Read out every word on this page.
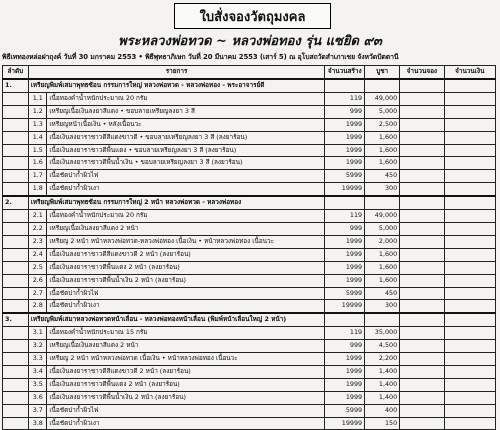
ใบสั่งจองวัตถุมงคล
พระหลวงพ่อทวด ~ หลวงพ่อทอง รุ่น แซยิด ๙๓
พิธีเททองหล่อฝาถุงค์ วันที่ 30 มกราคม 2553 • พิธีพุทธาภิเษก วันที่ 20 มีนาคม 2553 (เสาร์ 5) ณ อุโบสถวัดสำเภาเชย จังหวัดปัตตานี
ลำดับ	รายการ		จำนวนสร้าง	บูชา	จำนวนจอง	จำนวนเงิน
1.	เหรียญพิมพ์เสมาพุทธซ้อน กรรมการใหญ่ หลวงพ่อทวด - หลวงพ่อทอง - พระอาจารย์ดี					
	1.1	เนื้อทองคำน้ำหนักประมาณ 20 กรัม	119	49,000		
	1.2	เหรียญเนื้อเงินลงยาสีแดง • ขอบลายเหรียญลงยา 3 สี	999	5,000		
	1.3	เหรียญหน้าเนื้อเงิน • หลังเนื้อนวะ	1999	2,500		
	1.4	เนื้อเงินลงยาราชาวดีสีแดงขาวดี • ขอบลายเหรียญลงยา 3 สี (ลงยาร้อน)	1999	1,600		
	1.5	เนื้อเงินลงยาราชาวดีพื้นแดง • ขอบลายเหรียญลงยา 3 สี (ลงยาร้อน)	1999	1,600		
	1.6	เนื้อเงินลงยาราชาวดีพื้นน้ำเงิน • ขอบลายเหรียญลงยา 3 สี (ลงยาร้อน)	1999	1,600		
	1.7	เนื้อชัตปาก้ำผิวไฟ	5999	450		
	1.8	เนื้อชัตปาก้ำผิวเงา	19999	300		
2.	เหรียญพิมพ์เสมาพุทธซ้อน กรรมการใหญ่ 2 หน้า หลวงพ่อทวด - หลวงพ่อทอง					
	2.1	เนื้อทองคำน้ำหนักประมาณ 20 กรัม	119	49,000		
	2.2	เหรียญเนื้อเงินลงยาสีแดง 2 หน้า	999	5,000		
	2.3	เหรียญ 2 หน้า หน้าหลวงพ่อทวด-หลวงพ่อทอง เนื้อเงิน • หน้าหลวงพ่อทอง เนื้อนวะ	1999	2,000		
	2.4	เนื้อเงินลงยาราชาวดีสีแดงขาวดี 2 หน้า (ลงยาร้อน)	1999	1,600		
	2.5	เนื้อเงินลงยาราชาวดีพื้นแดง 2 หน้า (ลงยาร้อน)	1999	1,600		
	2.6	เนื้อเงินลงยาราชาวดีพื้นน้ำเงิน 2 หน้า (ลงยาร้อน)	1999	1,600		
	2.7	เนื้อชัตปาก้ำผิวไฟ	5999	450		
	2.8	เนื้อชัตปาก้ำผิวเงา	19999	300		
3.	เหรียญพิมพ์เสมาหลวงพ่อทวดหน้าเลื่อน - หลวงพ่อทองหน้าเลื่อน (พิมพ์หน้าเลื่อนใหญ่ 2 หน้า)					
	3.1	เนื้อทองคำน้ำหนักประมาณ 15 กรัม	119	35,000		
	3.2	เหรียญเนื้อเงินลงยาสีแดง 2 หน้า	999	4,500		
	3.3	เหรียญ 2 หน้า หน้าหลวงพ่อทวด เนื้อเงิน • หน้าหลวงพ่อทอง เนื้อนวะ	1999	2,200		
	3.4	เนื้อเงินลงยาราชาวดีสีแดงขาวดี 2 หน้า (ลงยาร้อน)	1999	1,400		
	3.5	เนื้อเงินลงยาราชาวดีพื้นแดง 2 หน้า (ลงยาร้อน)	1999	1,400		
	3.6	เนื้อเงินลงยาราชาวดีพื้นน้ำเงิน 2 หน้า (ลงยาร้อน)	1999	1,400		
	3.7	เนื้อชัตปาก้ำผิวไฟ	5999	400		
	3.8	เนื้อชัตปาก้ำผิวเงา	19999	150		
